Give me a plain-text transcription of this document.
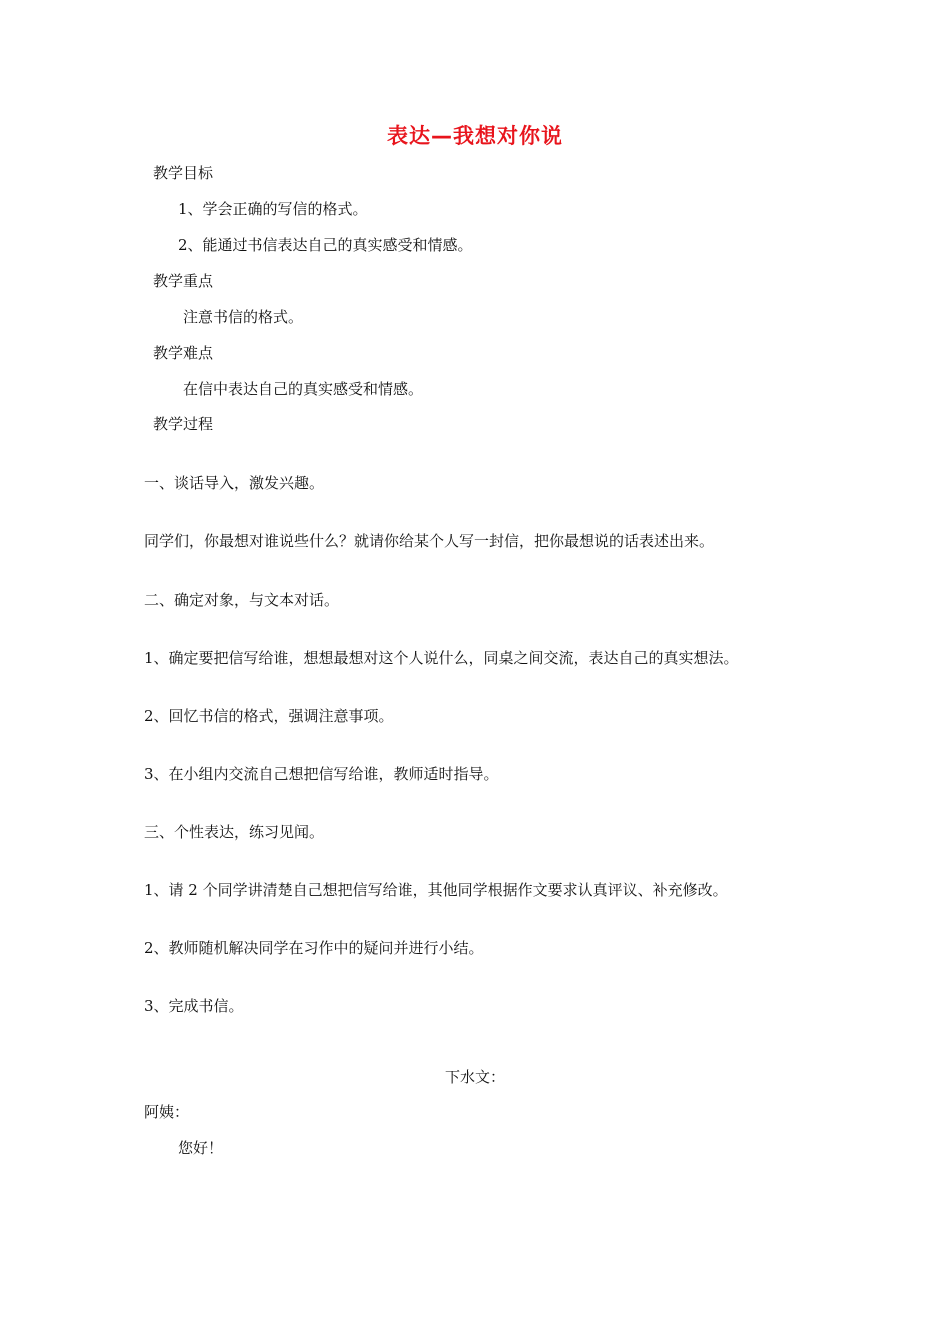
表达—我想对你说
教学目标
1、学会正确的写信的格式。
2、能通过书信表达自己的真实感受和情感。
教学重点
注意书信的格式。
教学难点
在信中表达自己的真实感受和情感。
教学过程
一、谈话导入，激发兴趣。
同学们，你最想对谁说些什么？就请你给某个人写一封信，把你最想说的话表述出来。
二、确定对象，与文本对话。
1、确定要把信写给谁，想想最想对这个人说什么，同桌之间交流，表达自己的真实想法。
2、回忆书信的格式，强调注意事项。
3、在小组内交流自己想把信写给谁，教师适时指导。
三、个性表达，练习见闻。
1、请 2 个同学讲清楚自己想把信写给谁，其他同学根据作文要求认真评议、补充修改。
2、教师随机解决同学在习作中的疑问并进行小结。
3、完成书信。
下水文：
阿姨：
您好！
